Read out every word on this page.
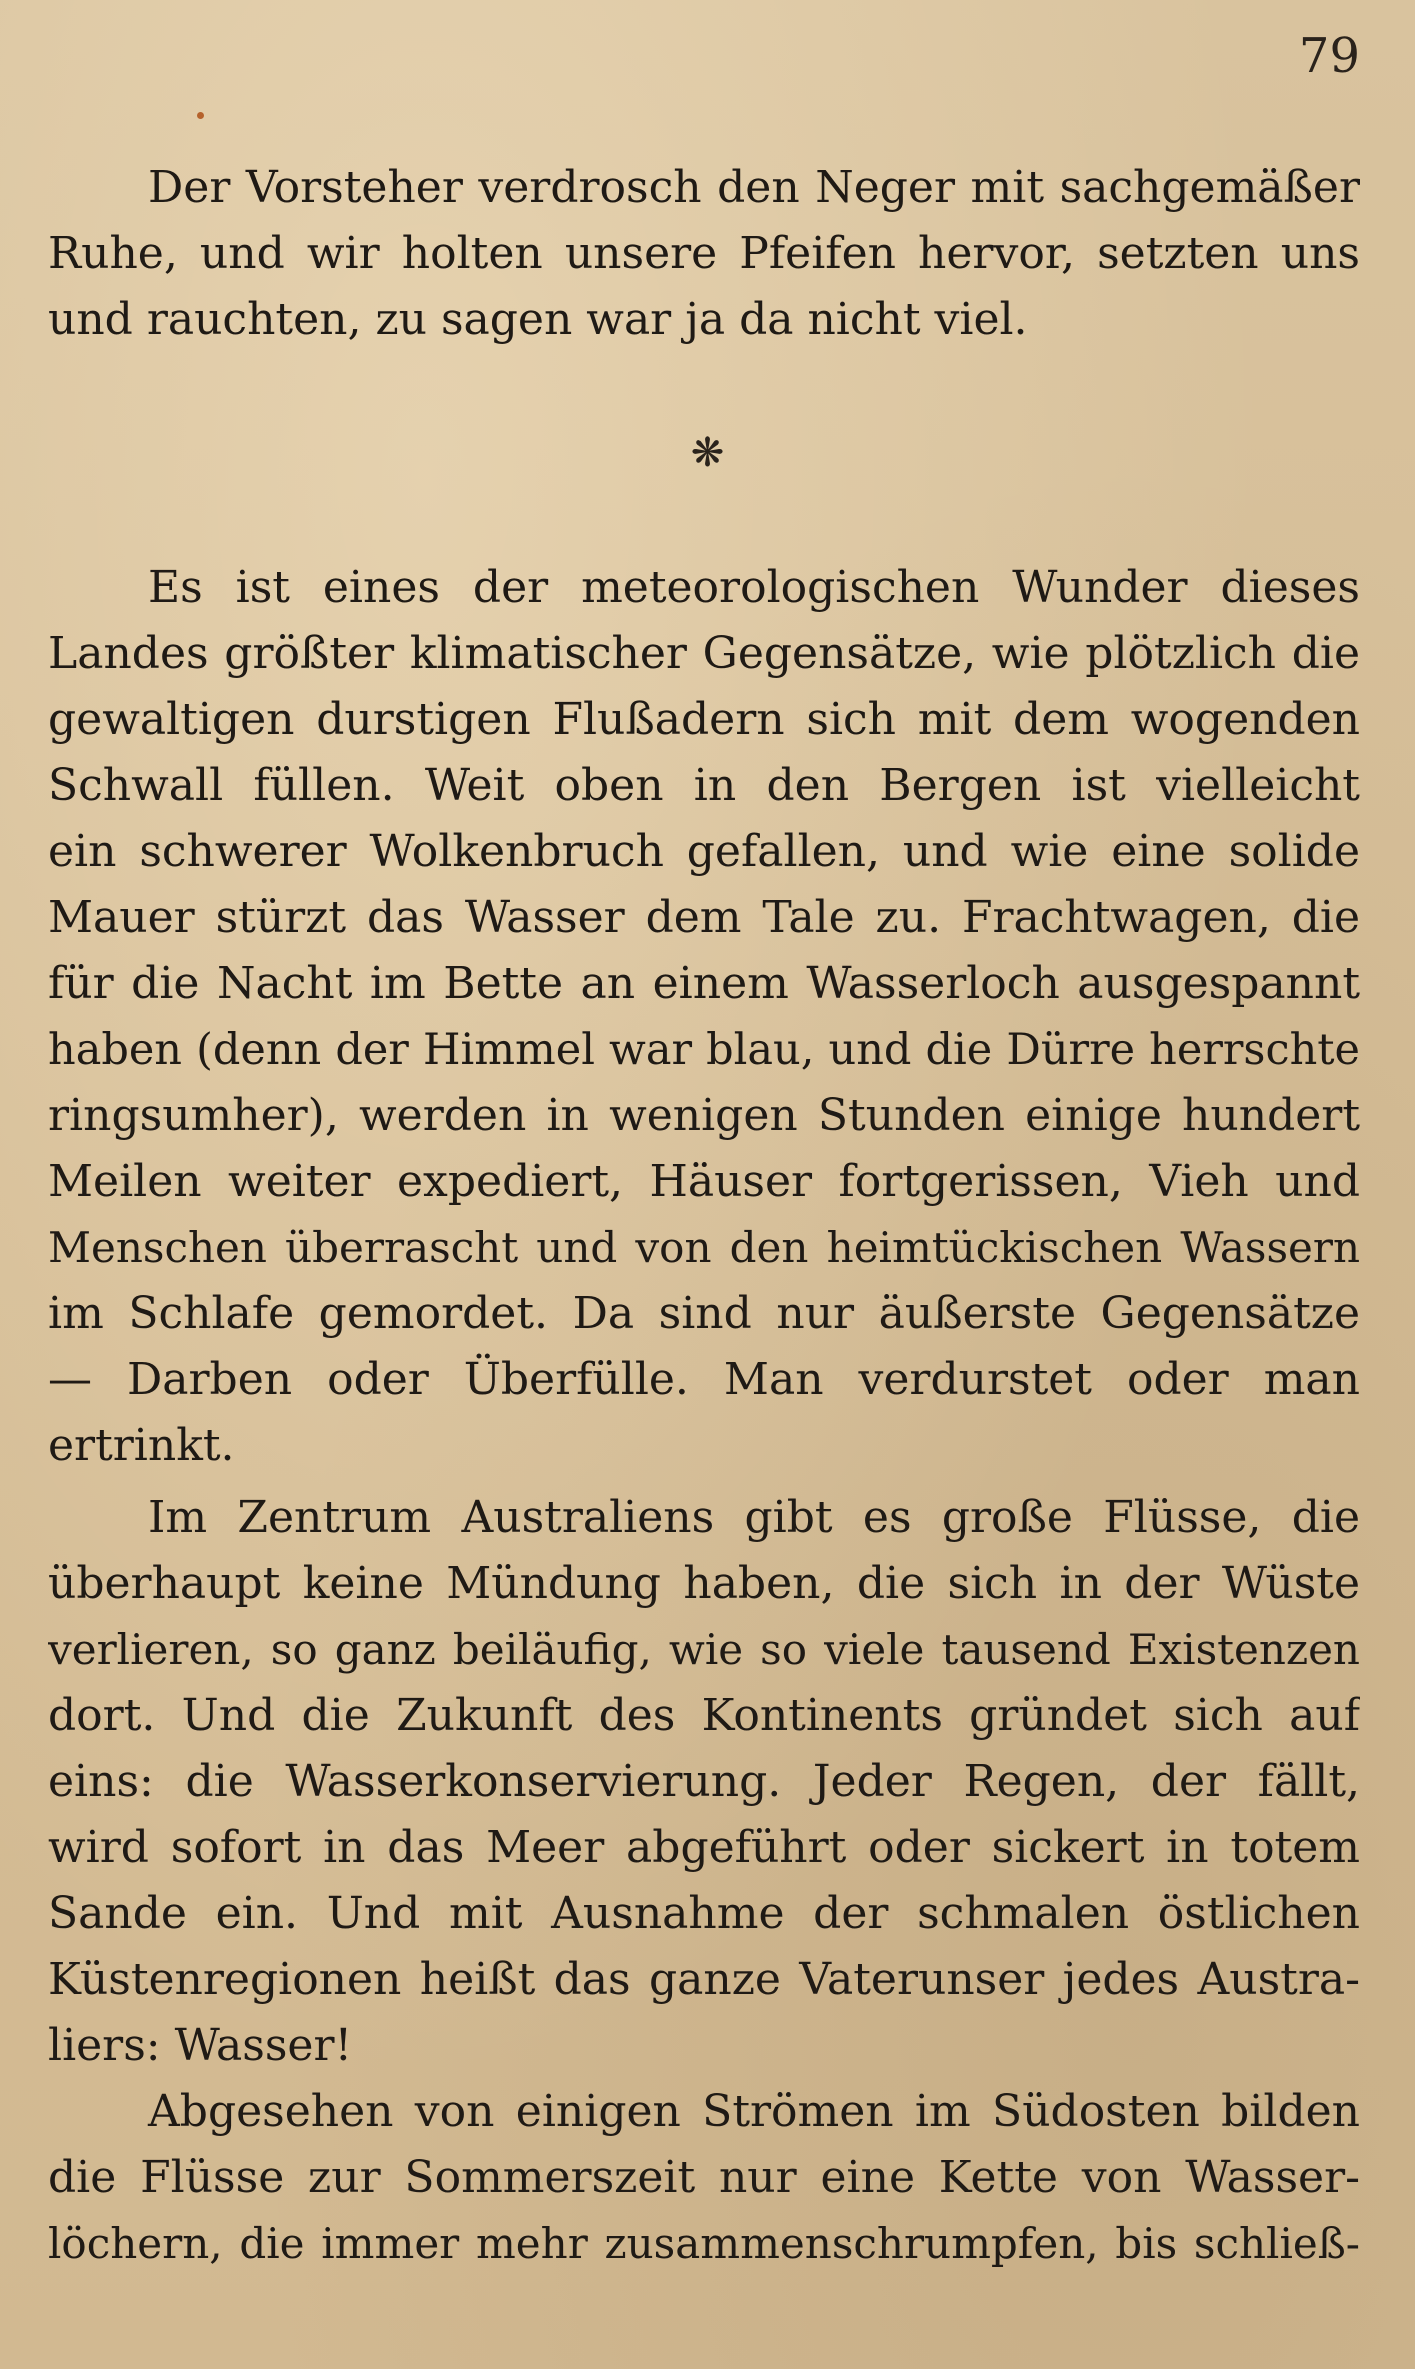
79
Der Vorsteher verdrosch den Neger mit sachgemäßer
Ruhe, und wir holten unsere Pfeifen hervor, setzten uns
und rauchten, zu sagen war ja da nicht viel.
❋
Es ist eines der meteorologischen Wunder dieses
Landes größter klimatischer Gegensätze, wie plötzlich die
gewaltigen durstigen Flußadern sich mit dem wogenden
Schwall füllen. Weit oben in den Bergen ist vielleicht
ein schwerer Wolkenbruch gefallen, und wie eine solide
Mauer stürzt das Wasser dem Tale zu. Frachtwagen, die
für die Nacht im Bette an einem Wasserloch ausgespannt
haben (denn der Himmel war blau, und die Dürre herrschte
ringsumher), werden in wenigen Stunden einige hundert
Meilen weiter expediert, Häuser fortgerissen, Vieh und
Menschen überrascht und von den heimtückischen Wassern
im Schlafe gemordet. Da sind nur äußerste Gegensätze
— Darben oder Überfülle. Man verdurstet oder man
ertrinkt.
Im Zentrum Australiens gibt es große Flüsse, die
überhaupt keine Mündung haben, die sich in der Wüste
verlieren, so ganz beiläufig, wie so viele tausend Existenzen
dort. Und die Zukunft des Kontinents gründet sich auf
eins: die Wasserkonservierung. Jeder Regen, der fällt,
wird sofort in das Meer abgeführt oder sickert in totem
Sande ein. Und mit Ausnahme der schmalen östlichen
Küstenregionen heißt das ganze Vaterunser jedes Austra-
liers: Wasser!
Abgesehen von einigen Strömen im Südosten bilden
die Flüsse zur Sommerszeit nur eine Kette von Wasser-
löchern, die immer mehr zusammenschrumpfen, bis schließ-
